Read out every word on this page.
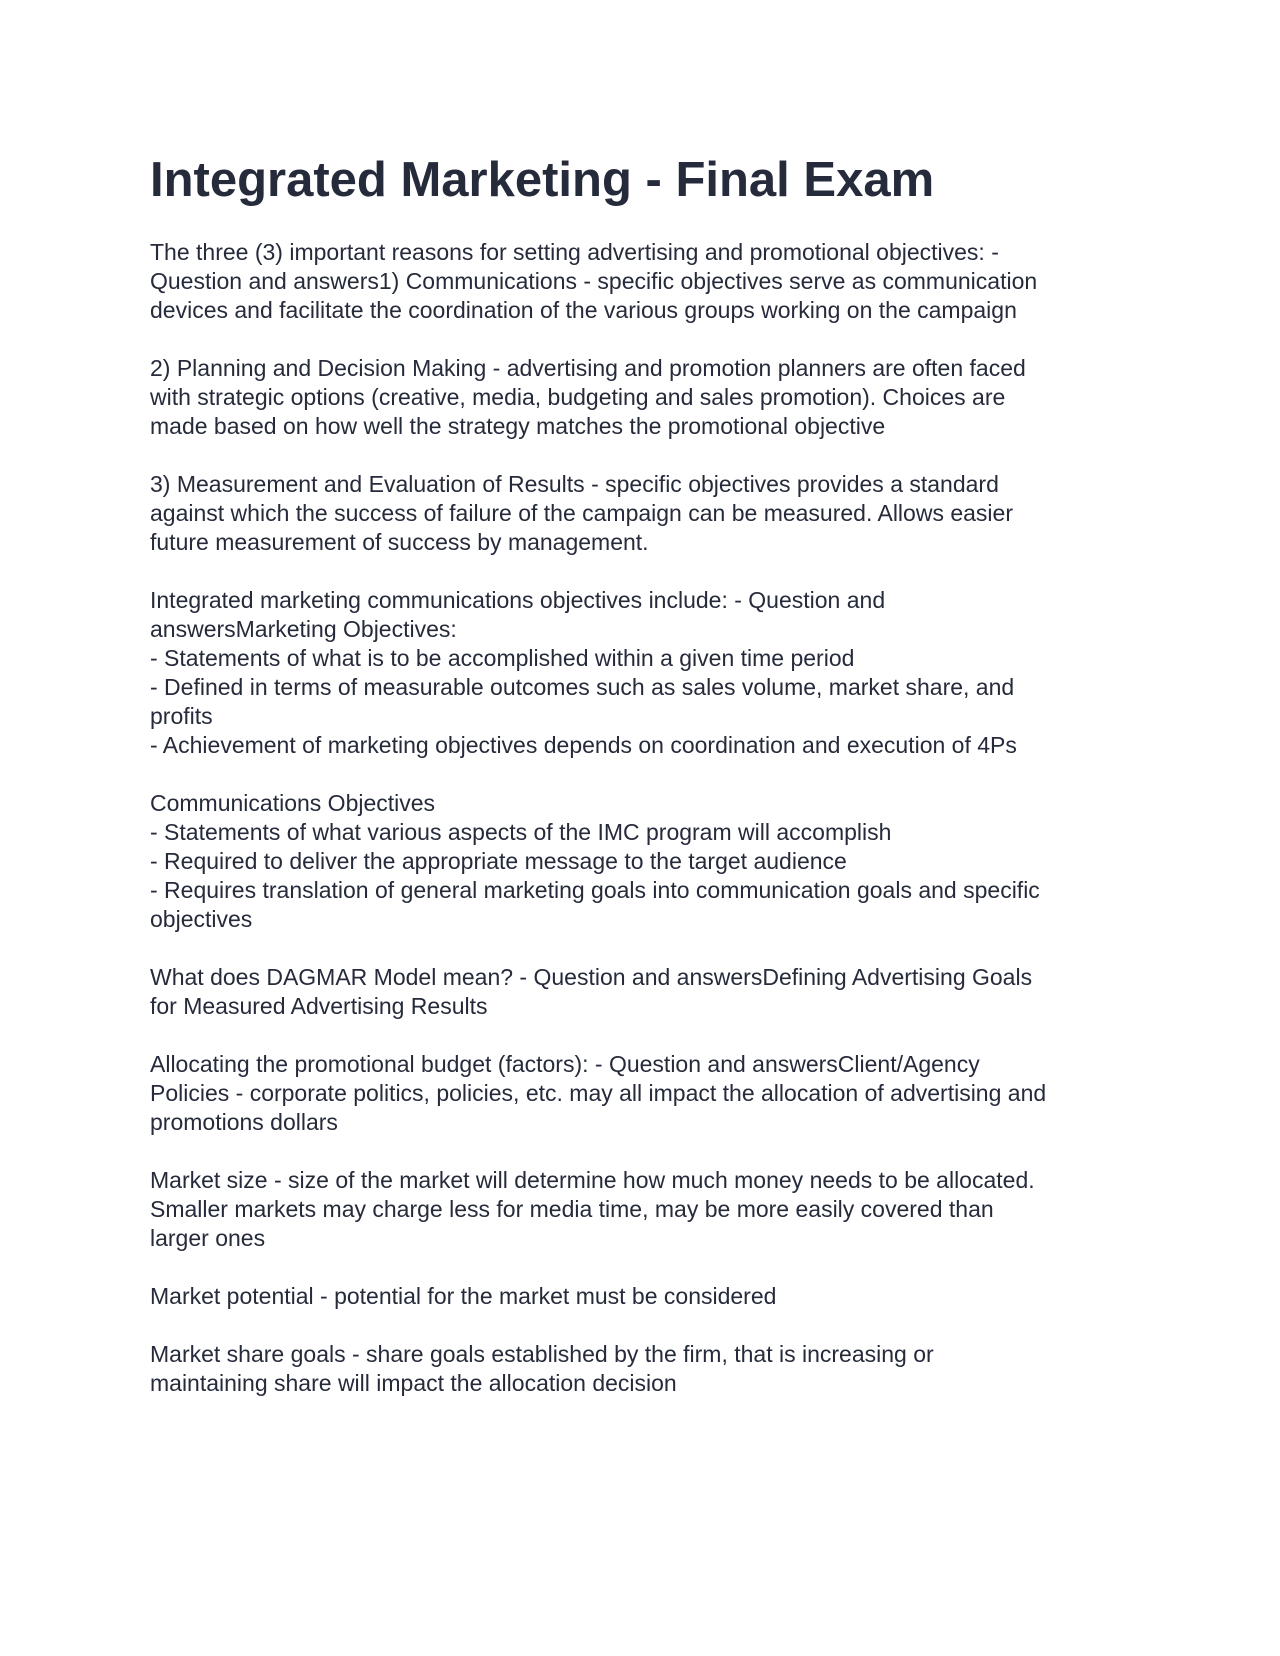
Integrated Marketing - Final Exam
The three (3) important reasons for setting advertising and promotional objectives: -
Question and answers1) Communications - specific objectives serve as communication
devices and facilitate the coordination of the various groups working on the campaign
2) Planning and Decision Making - advertising and promotion planners are often faced
with strategic options (creative, media, budgeting and sales promotion). Choices are
made based on how well the strategy matches the promotional objective
3) Measurement and Evaluation of Results - specific objectives provides a standard
against which the success of failure of the campaign can be measured. Allows easier
future measurement of success by management.
Integrated marketing communications objectives include: - Question and
answersMarketing Objectives:
- Statements of what is to be accomplished within a given time period
- Defined in terms of measurable outcomes such as sales volume, market share, and
profits
- Achievement of marketing objectives depends on coordination and execution of 4Ps
Communications Objectives
- Statements of what various aspects of the IMC program will accomplish
- Required to deliver the appropriate message to the target audience
- Requires translation of general marketing goals into communication goals and specific
objectives
What does DAGMAR Model mean? - Question and answersDefining Advertising Goals
for Measured Advertising Results
Allocating the promotional budget (factors): - Question and answersClient/Agency
Policies - corporate politics, policies, etc. may all impact the allocation of advertising and
promotions dollars
Market size - size of the market will determine how much money needs to be allocated.
Smaller markets may charge less for media time, may be more easily covered than
larger ones
Market potential - potential for the market must be considered
Market share goals - share goals established by the firm, that is increasing or
maintaining share will impact the allocation decision
